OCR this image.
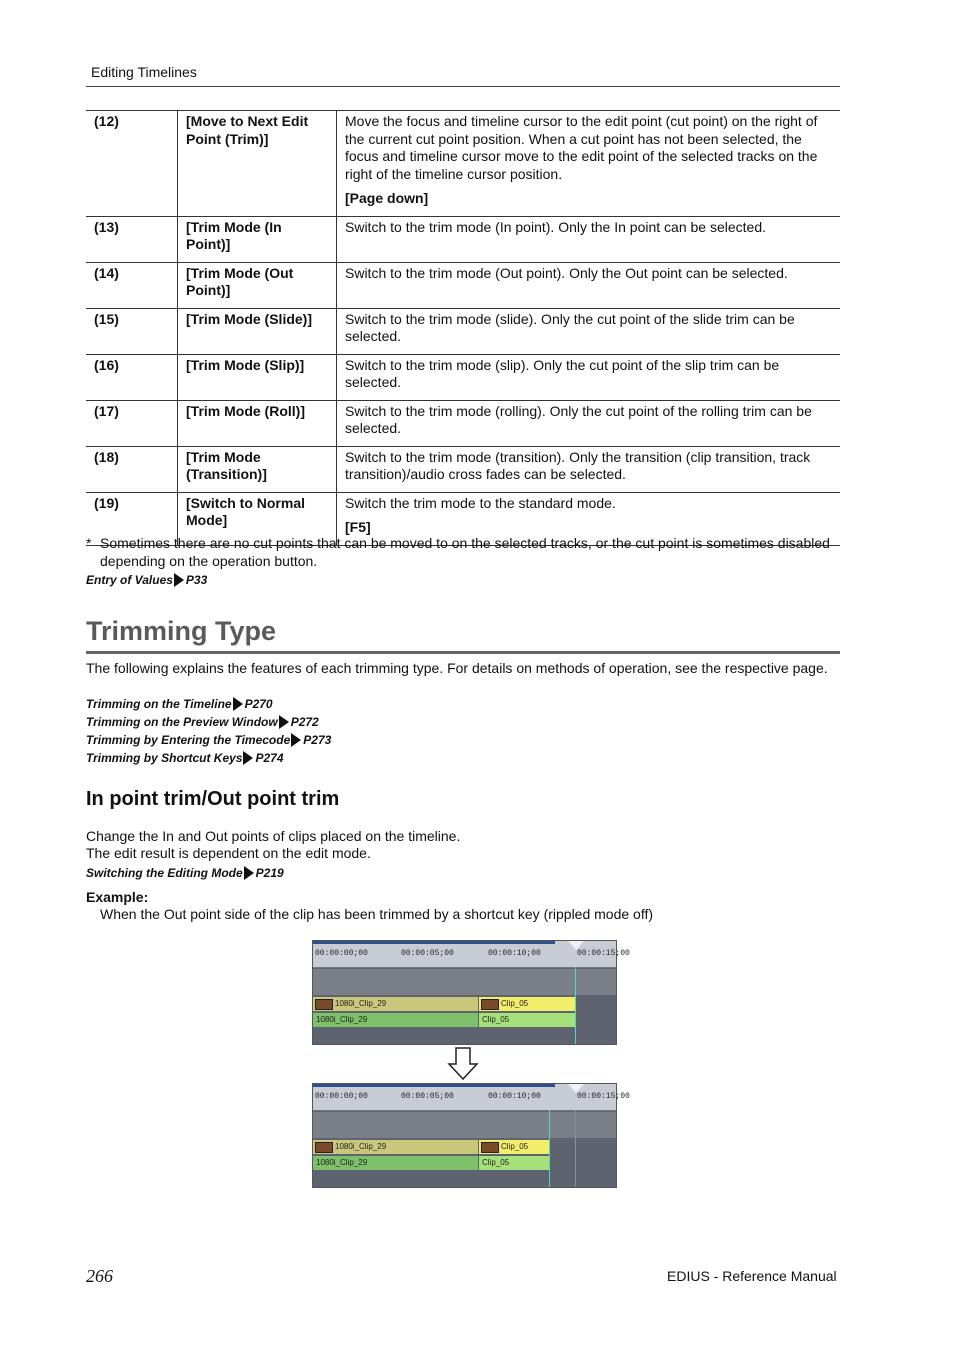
Editing Timelines
(12)	[Move to Next Edit Point (Trim)]	Move the focus and timeline cursor to the edit point (cut point) on the right of the current cut point position. When a cut point has not been selected, the focus and timeline cursor move to the edit point of the selected tracks on the right of the timeline cursor position.
[Page down]

(13)	[Trim Mode (In Point)]	Switch to the trim mode (In point). Only the In point can be selected.
(14)	[Trim Mode (Out Point)]	Switch to the trim mode (Out point). Only the Out point can be selected.
(15)	[Trim Mode (Slide)]	Switch to the trim mode (slide). Only the cut point of the slide trim can be selected.
(16)	[Trim Mode (Slip)]	Switch to the trim mode (slip). Only the cut point of the slip trim can be selected.
(17)	[Trim Mode (Roll)]	Switch to the trim mode (rolling). Only the cut point of the rolling trim can be selected.
(18)	[Trim Mode (Transition)]	Switch to the trim mode (transition). Only the transition (clip transition, track transition)/audio cross fades can be selected.
(19)	[Switch to Normal Mode]	Switch the trim mode to the standard mode.
[F5]
* Sometimes there are no cut points that can be moved to on the selected tracks, or the cut point is sometimes disabled depending on the operation button.
Entry of Values P33
Trimming Type
The following explains the features of each trimming type. For details on methods of operation, see the respective page.
Trimming on the Timeline P270
Trimming on the Preview Window P272
Trimming by Entering the Timecode P273
Trimming by Shortcut Keys P274
In point trim/Out point trim
Change the In and Out points of clips placed on the timeline.
The edit result is dependent on the edit mode.
Switching the Editing Mode P219
Example:
When the Out point side of the clip has been trimmed by a shortcut key (rippled mode off)
00:00:00;00	00:00:05;00	00:00:10;00	00:00:15;00
1080i_Clip_29	Clip_05
1080i_Clip_29	Clip_05
00:00:00;00	00:00:05;00	00:00:10;00	00:00:15;00
1080i_Clip_29	Clip_05
1080i_Clip_29	Clip_05
266	EDIUS - Reference Manual
